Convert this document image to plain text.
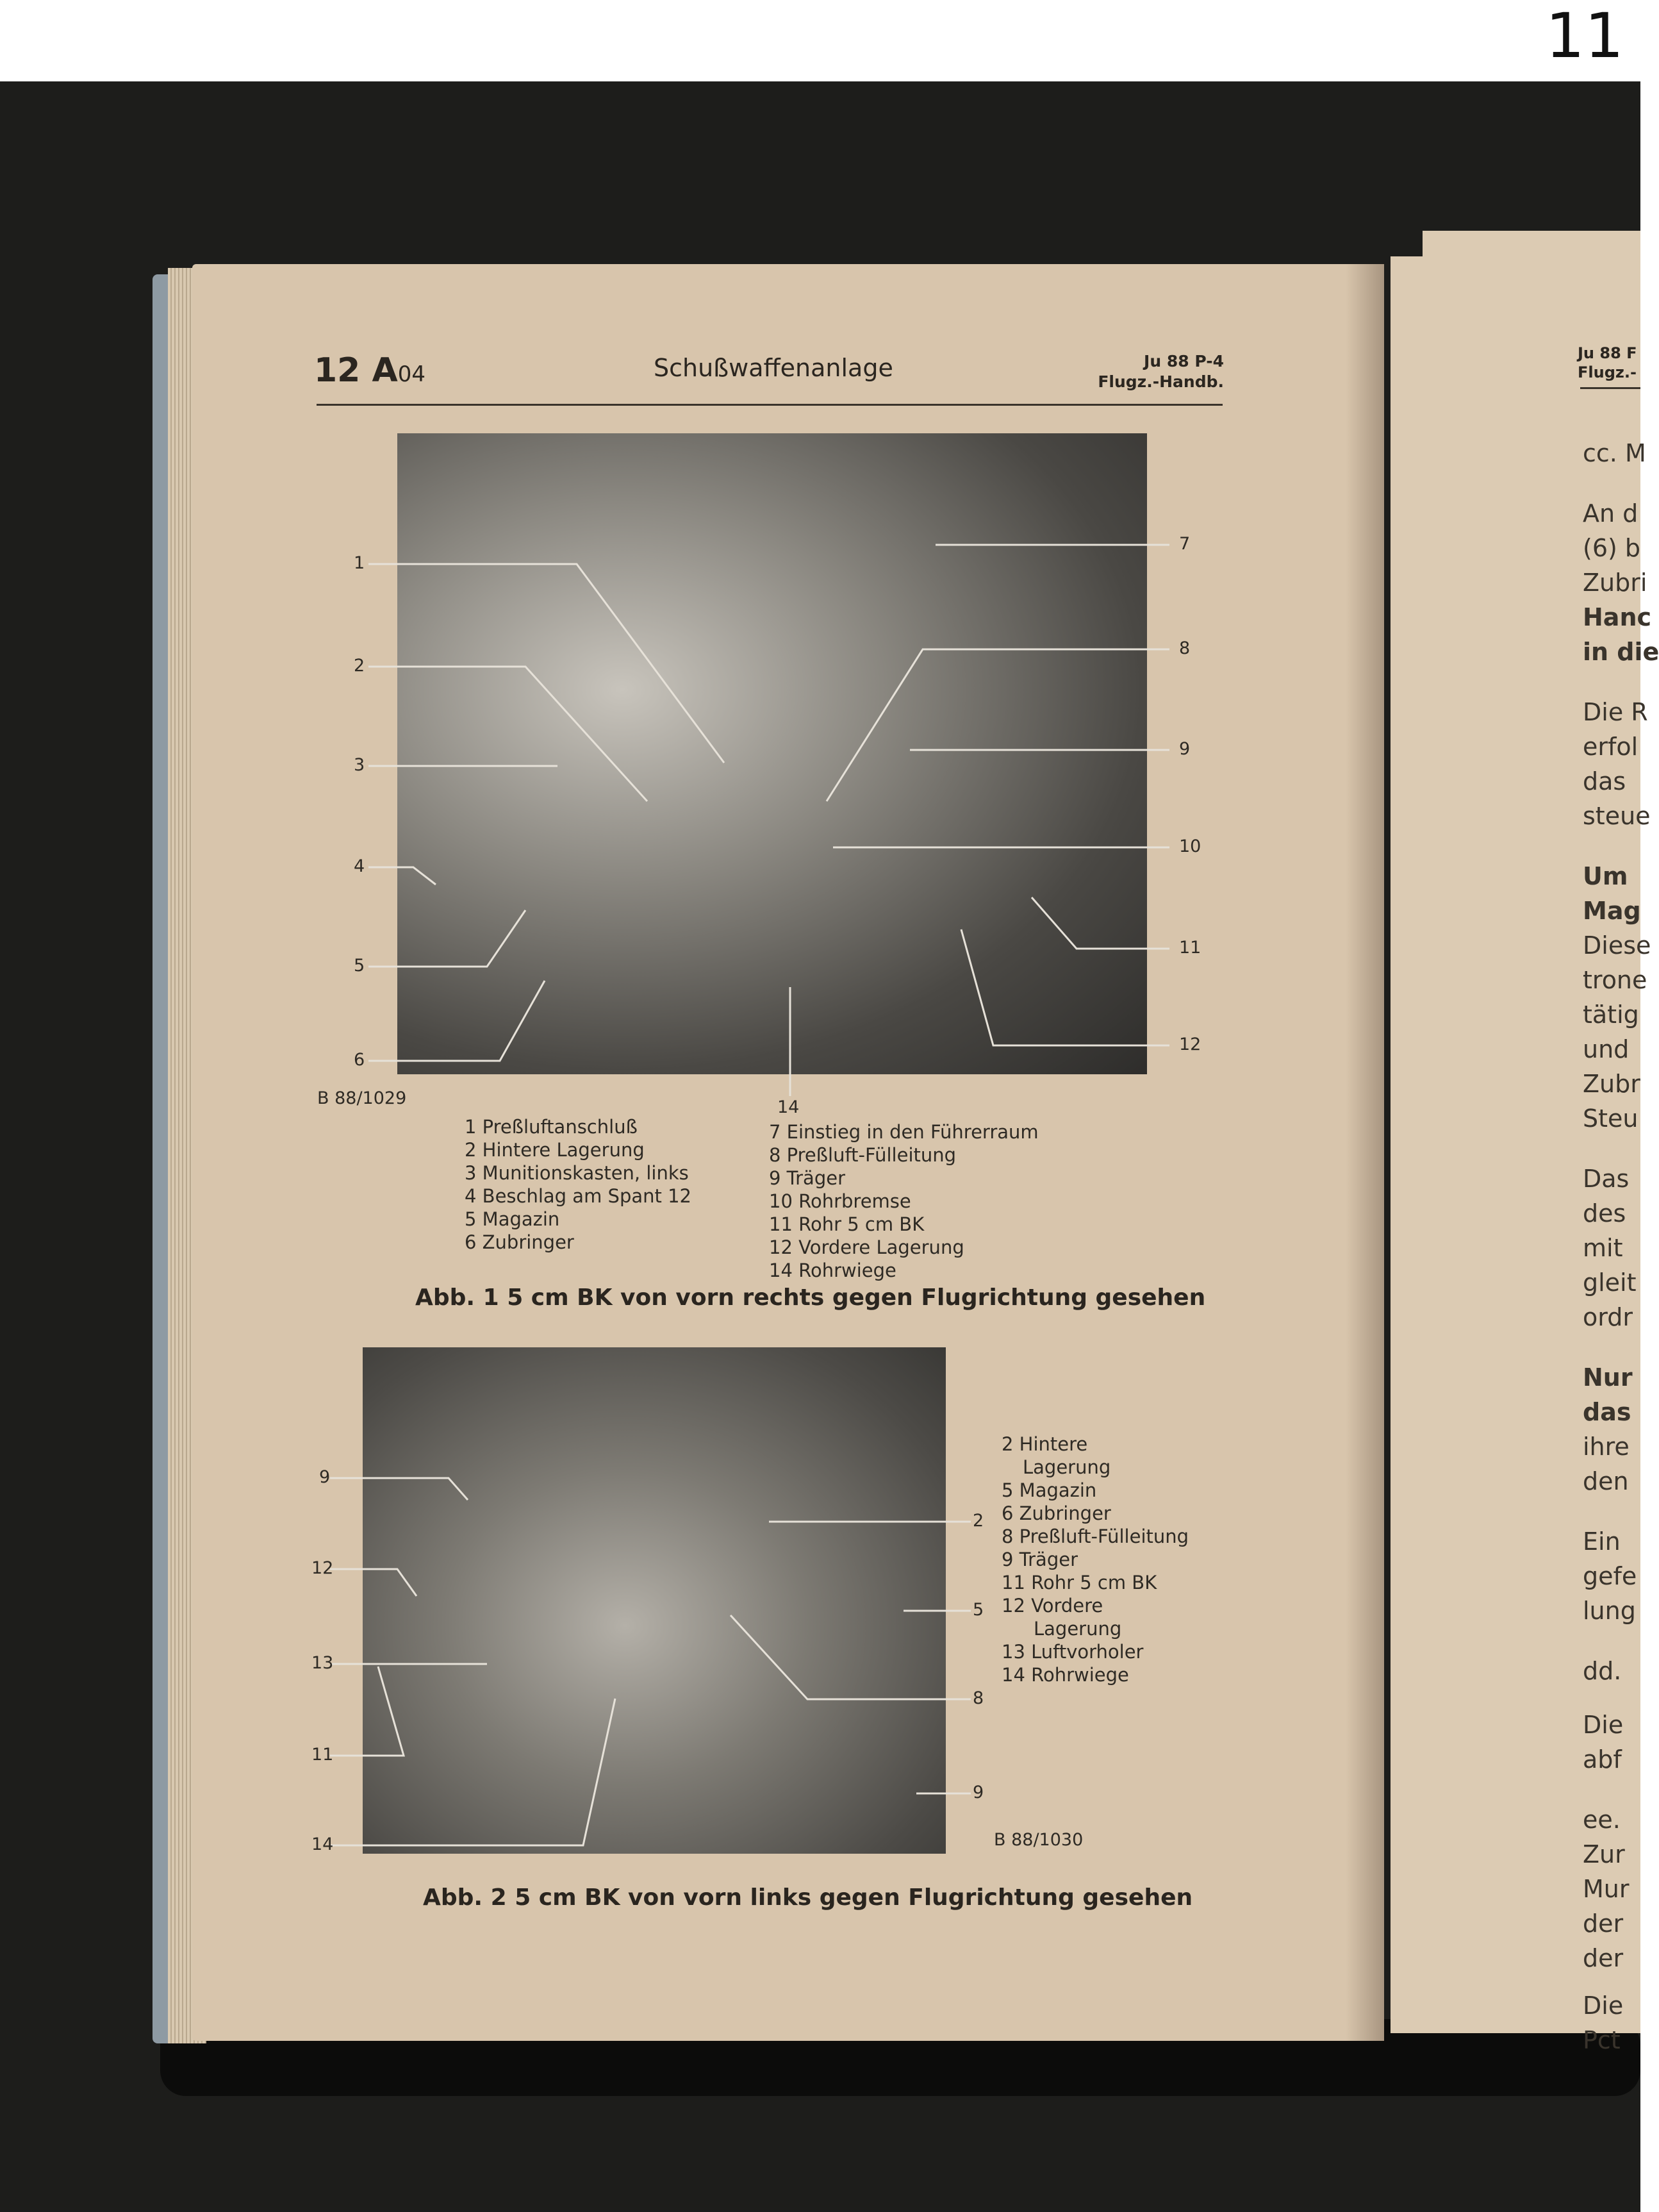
11
12 A04	Schußwaffenanlage	Ju 88 P-4
Flugz.-Handb.
1
2
3
4
5
6
7
8
9
10
11
12
14
B 88/1029
1 Preßluftanschluß
2 Hintere Lagerung
3 Munitionskasten, links
4 Beschlag am Spant 12
5 Magazin
6 Zubringer
7 Einstieg in den Führerraum
8 Preßluft-Fülleitung
9 Träger
10 Rohrbremse
11 Rohr 5 cm BK
12 Vordere Lagerung
14 Rohrwiege
Abb. 1 5 cm BK von vorn rechts gegen Flugrichtung gesehen
9
12
13
11
14
2
5
8
9
B 88/1030
2 Hintere
Lagerung
5 Magazin
6 Zubringer
8 Preßluft-Fülleitung
9 Träger
11 Rohr 5 cm BK
12 Vordere
Lagerung
13 Luftvorholer
14 Rohrwiege
Abb. 2 5 cm BK von vorn links gegen Flugrichtung gesehen
Ju 88 F
Flugz.-
cc. M
An d
(6) b
Zubri
Hanc
in die
Die R
erfol
das
steue
Um
Mag
Diese
trone
tätig
und
Zubr
Steu
Das
des
mit
gleit
ordr
Nur
das
ihre
den
Ein
gefe
lung
dd.
Die
abf
ee.
Zur
Mur
der
der
Die
Pct
